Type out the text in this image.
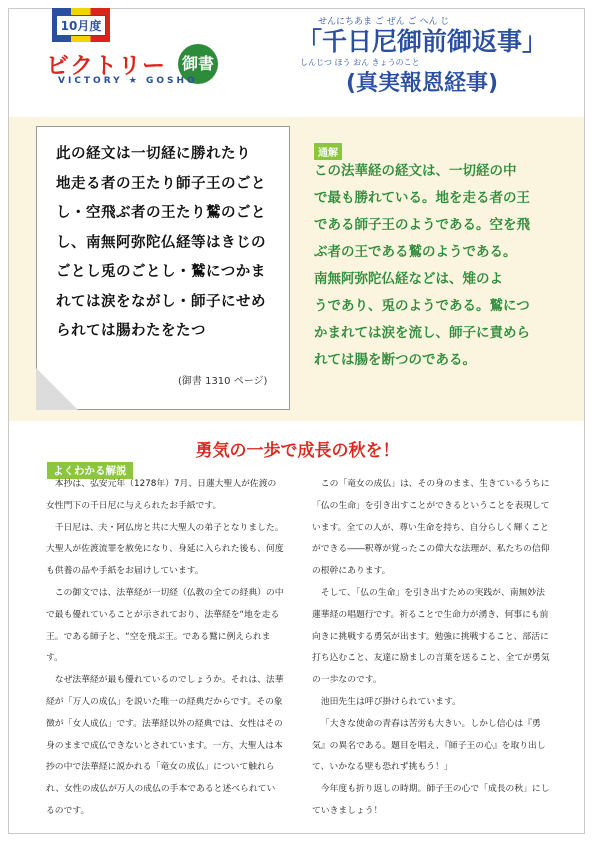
10月度
ビクトリー 御書
VICTORY ★ GOSHO
せんにちあま ご ぜん ご へん じ
「千日尼御前御返事」
しんじつ ほう おん きょうのこと
(真実報恩経事)
此の経文は一切経に勝れたり
地走る者の王たり師子王のごと
し・空飛ぶ者の王たり鷲のごと
し、南無阿弥陀仏経等はきじの
ごとし兎のごとし・鷲につかま
れては涙をながし・師子にせめ
られては腸わたをたつ
(御書 1310 ページ)
通解
この法華経の経文は、一切経の中
で最も勝れている。地を走る者の王
である師子王のようである。空を飛
ぶ者の王である鷲のようである。
南無阿弥陀仏経などは、雉のよ
うであり、兎のようである。鷲につ
かまれては涙を流し、師子に責めら
れては腸を断つのである。
勇気の一歩で成長の秋を！
よくわかる解説

本抄は、弘安元年（1278年）7月、日蓮大聖人が佐渡の女性門下の千日尼に与えられたお手紙です。

千日尼は、夫・阿仏房と共に大聖人の弟子となりました。大聖人が佐渡流罪を赦免になり、身延に入られた後も、何度も供養の品や手紙をお届けしています。

この御文では、法華経が一切経（仏教の全ての経典）の中で最も優れていることが示されており、法華経を“地を走る王。である師子と、“空を飛ぶ王。である鷲に例えられます。

なぜ法華経が最も優れているのでしょうか。それは、法華経が「万人の成仏」を説いた唯一の経典だからです。その象徴が「女人成仏」です。法華経以外の経典では、女性はその身のままで成仏できないとされています。一方、大聖人は本抄の中で法華経に説かれる「竜女の成仏」について触れられ、女性の成仏が万人の成仏の手本であると述べられているのです。

この「竜女の成仏」は、その身のまま、生きているうちに「仏の生命」を引き出すことができるということを表現しています。全ての人が、尊い生命を持ち、自分らしく輝くことができる――釈尊が覚ったこの偉大な法理が、私たちの信仰の根幹にあります。

そして、「仏の生命」を引き出すための実践が、南無妙法蓮華経の唱題行です。祈ることで生命力が湧き、何事にも前向きに挑戦する勇気が出ます。勉強に挑戦すること、部活に打ち込むこと、友達に励ましの言葉を送ること、全てが勇気の一歩なのです。

池田先生は呼び掛けられています。

「大きな使命の青春は苦労も大きい。しかし信心は『勇気』の異名である。題目を唱え、『師子王の心』を取り出して、いかなる壁も恐れず挑もう！」

今年度も折り返しの時期。師子王の心で「成長の秋」にしていきましょう！
